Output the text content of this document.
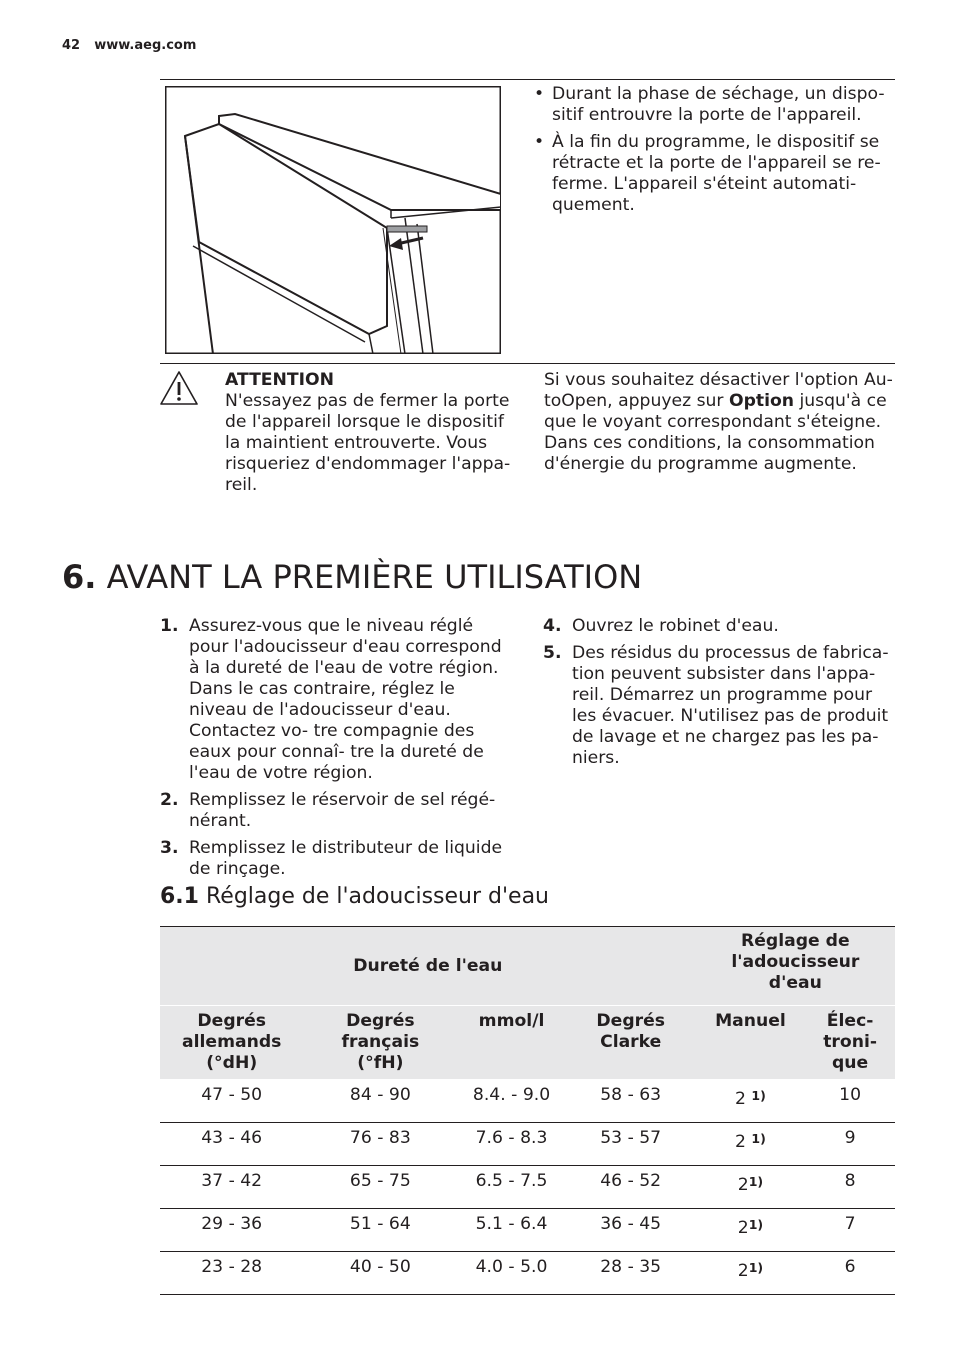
42 www.aeg.com
• Durant la phase de séchage, un dispo- sitif entrouvre la porte de l'appareil.
• À la fin du programme, le dispositif se rétracte et la porte de l'appareil se re- ferme. L'appareil s'éteint automati- quement.
ATTENTION
N'essayez pas de fermer la porte de l'appareil lorsque le dispositif la maintient entrouverte. Vous risqueriez d'endommager l'appa- reil.
Si vous souhaitez désactiver l'option Au- toOpen, appuyez sur Option jusqu'à ce que le voyant correspondant s'éteigne. Dans ces conditions, la consommation d'énergie du programme augmente.
6. AVANT LA PREMIÈRE UTILISATION
1. Assurez-vous que le niveau réglé pour l'adoucisseur d'eau correspond à la dureté de l'eau de votre région. Dans le cas contraire, réglez le niveau de l'adoucisseur d'eau. Contactez vo- tre compagnie des eaux pour connaî- tre la dureté de l'eau de votre région.
2. Remplissez le réservoir de sel régé- nérant.
3. Remplissez le distributeur de liquide de rinçage.
4. Ouvrez le robinet d'eau.
5. Des résidus du processus de fabrica- tion peuvent subsister dans l'appa- reil. Démarrez un programme pour les évacuer. N'utilisez pas de produit de lavage et ne chargez pas les pa- niers.
6.1 Réglage de l'adoucisseur d'eau
Dureté de l'eau				Réglage de l'adoucisseur d'eau	
Degrés allemands (°dH)	Degrés français (°fH)	mmol/l	Degrés Clarke	Manuel	Élec- troni- que
47 - 50	84 - 90	8.4. - 9.0	58 - 63	2 $^{1)}$	10
43 - 46	76 - 83	7.6 - 8.3	53 - 57	2 $^{1)}$	9
37 - 42	65 - 75	6.5 - 7.5	46 - 52	2$^{1)}$	8
29 - 36	51 - 64	5.1 - 6.4	36 - 45	2$^{1)}$	7
23 - 28	40 - 50	4.0 - 5.0	28 - 35	2$^{1)}$	6
